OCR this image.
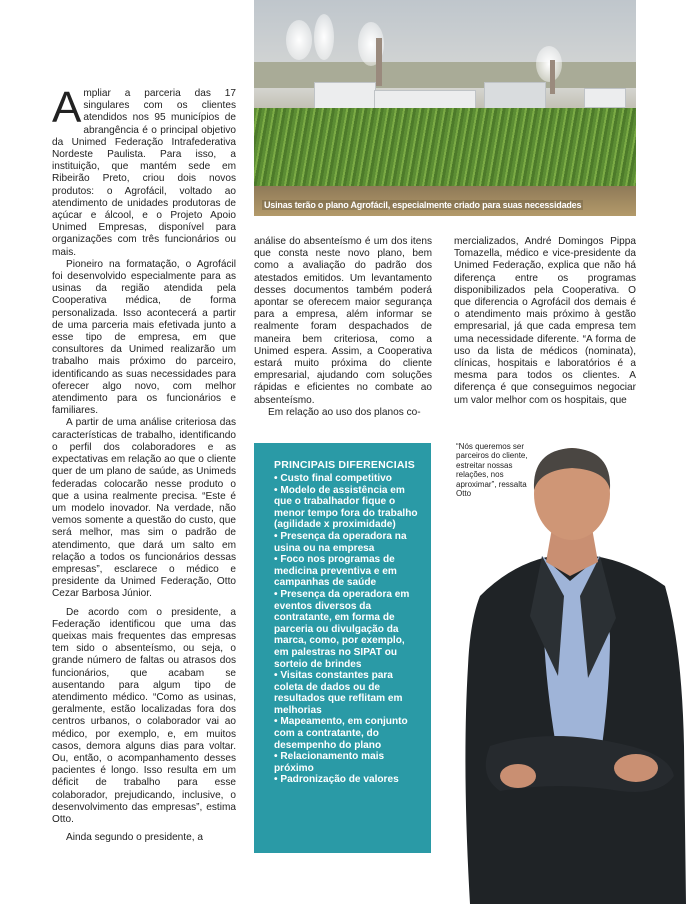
Usinas terão o plano Agrofácil, especialmente criado para suas necessidades

Ampliar a parceria das 17 singulares com os clientes atendidos nos 95 municípios de abrangência é o principal objetivo da Unimed Federação Intrafederativa Nordeste Paulista. Para isso, a instituição, que mantém sede em Ribeirão Preto, criou dois novos produtos: o Agrofácil, voltado ao atendimento de unidades produtoras de açúcar e álcool, e o Projeto Apoio Unimed Empresas, disponível para organizações com três funcionários ou mais.

Pioneiro na formatação, o Agrofácil foi desenvolvido especialmente para as usinas da região atendida pela Cooperativa médica, de forma personalizada. Isso acontecerá a partir de uma parceria mais efetivada junto a esse tipo de empresa, em que consultores da Unimed realizarão um trabalho mais próximo do parceiro, identificando as suas necessidades para oferecer algo novo, com melhor atendimento para os funcionários e familiares.

A partir de uma análise criteriosa das características de trabalho, identificando o perfil dos colaboradores e as expectativas em relação ao que o cliente quer de um plano de saúde, as Unimeds federadas colocarão nesse produto o que a usina realmente precisa. “Este é um modelo inovador. Na verdade, não vemos somente a questão do custo, que será melhor, mas sim o padrão de atendimento, que dará um salto em relação a todos os funcionários dessas empresas”, esclarece o médico e presidente da Unimed Federação, Otto Cezar Barbosa Júnior.

De acordo com o presidente, a Federação identificou que uma das queixas mais frequentes das empresas tem sido o absenteísmo, ou seja, o grande número de faltas ou atrasos dos funcionários, que acabam se ausentando para algum tipo de atendimento médico. “Como as usinas, geralmente, estão localizadas fora dos centros urbanos, o colaborador vai ao médico, por exemplo, e, em muitos casos, demora alguns dias para voltar. Ou, então, o acompanhamento desses pacientes é longo. Isso resulta em um déficit de trabalho para esse colaborador, prejudicando, inclusive, o desenvolvimento das empresas”, estima Otto.

Ainda segundo o presidente, a

análise do absenteísmo é um dos itens que consta neste novo plano, bem como a avaliação do padrão dos atestados emitidos. Um levantamento desses documentos também poderá apontar se oferecem maior segurança para a empresa, além informar se realmente foram despachados de maneira bem criteriosa, como a Unimed espera. Assim, a Cooperativa estará muito próxima do cliente empresarial, ajudando com soluções rápidas e eficientes no combate ao absenteísmo.

Em relação ao uso dos planos co-

mercializados, André Domingos Pippa Tomazella, médico e vice-presidente da Unimed Federação, explica que não há diferença entre os programas disponibilizados pela Cooperativa. O que diferencia o Agrofácil dos demais é o atendimento mais próximo à gestão empresarial, já que cada empresa tem uma necessidade diferente. “A forma de uso da lista de médicos (nominata), clínicas, hospitais e laboratórios é a mesma para todos os clientes. A diferença é que conseguimos negociar um valor melhor com os hospitais, que

PRINCIPAIS DIFERENCIAIS
• Custo final competitivo
• Modelo de assistência em que o trabalhador fique o menor tempo fora do trabalho (agilidade x proximidade)
• Presença da operadora na usina ou na empresa
• Foco nos programas de medicina preventiva e em campanhas de saúde
• Presença da operadora em eventos diversos da contratante, em forma de parceria ou divulgação da marca, como, por exemplo, em palestras no SIPAT ou sorteio de brindes
• Visitas constantes para coleta de dados ou de resultados que reflitam em melhorias
• Mapeamento, em conjunto com a contratante, do desempenho do plano
• Relacionamento mais próximo
• Padronização de valores
“Nós queremos ser parceiros do cliente, estreitar nossas relações, nos aproximar”, ressalta Otto
